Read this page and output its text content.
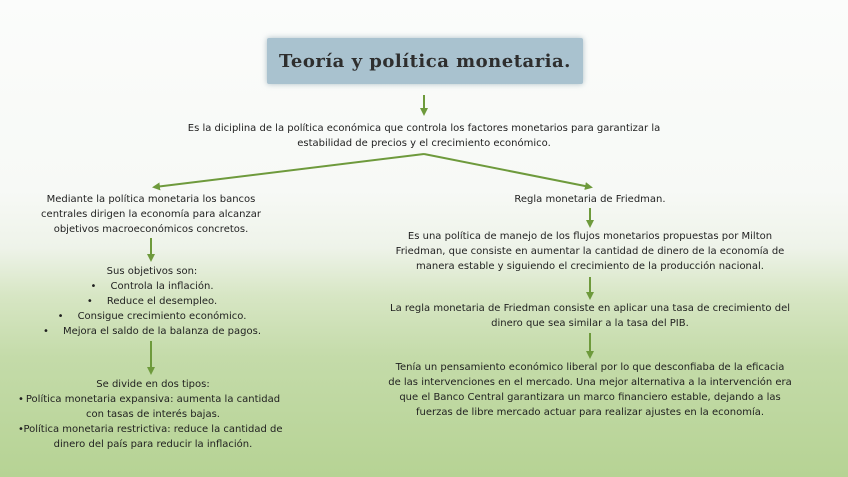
Teoría y política monetaria.
Es la diciplina de la política económica que controla los factores monetarios para garantizar la estabilidad de precios y el crecimiento económico.
Mediante la política monetaria los bancos centrales dirigen la economía para alcanzar objetivos macroeconómicos concretos.
Sus objetivos son:
• Controla la inflación.
• Reduce el desempleo.
• Consigue crecimiento económico.
• Mejora el saldo de la balanza de pagos.
Se divide en dos tipos:
• Política monetaria expansiva: aumenta la cantidad con tasas de interés bajas.
• Política monetaria restrictiva: reduce la cantidad de dinero del país para reducir la inflación.
Regla monetaria de Friedman.
Es una política de manejo de los flujos monetarios propuestas por Milton Friedman, que consiste en aumentar la cantidad de dinero de la economía de manera estable y siguiendo el crecimiento de la producción nacional.
La regla monetaria de Friedman consiste en aplicar una tasa de crecimiento del dinero que sea similar a la tasa del PIB.
Tenía un pensamiento económico liberal por lo que desconfiaba de la eficacia de las intervenciones en el mercado. Una mejor alternativa a la intervención era que el Banco Central garantizara un marco financiero estable, dejando a las fuerzas de libre mercado actuar para realizar ajustes en la economía.
